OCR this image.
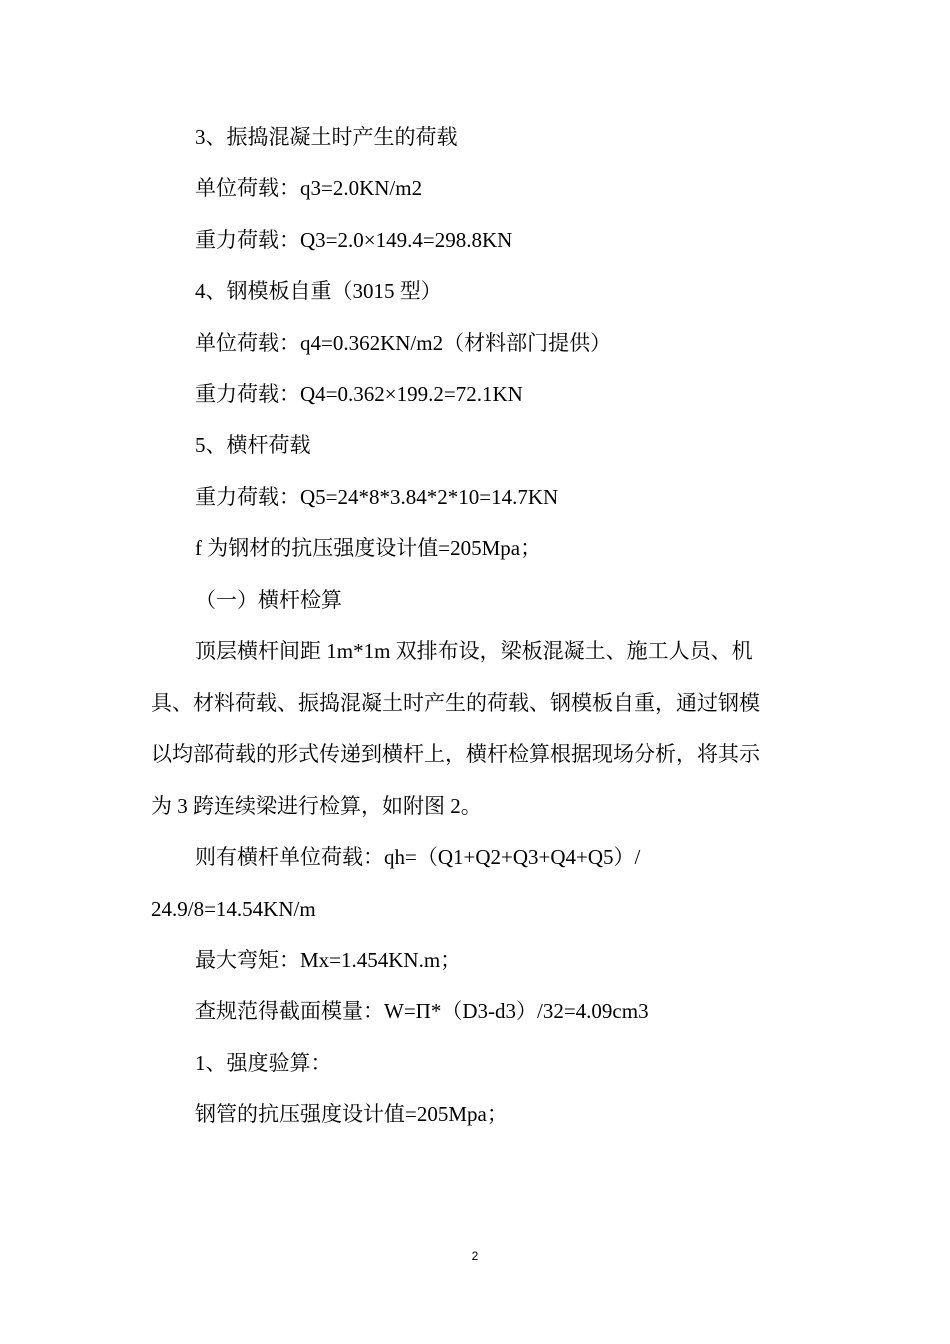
3、振捣混凝土时产生的荷载
单位荷载：q3=2.0KN/m2
重力荷载：Q3=2.0×149.4=298.8KN
4、钢模板自重（3015 型）
单位荷载：q4=0.362KN/m2（材料部门提供）
重力荷载：Q4=0.362×199.2=72.1KN
5、横杆荷载
重力荷载：Q5=24*8*3.84*2*10=14.7KN
f 为钢材的抗压强度设计值=205Mpa；
（一）横杆检算
顶层横杆间距 1m*1m 双排布设，梁板混凝土、施工人员、机
具、材料荷载、振捣混凝土时产生的荷载、钢模板自重，通过钢模
以均部荷载的形式传递到横杆上，横杆检算根据现场分析，将其示
为 3 跨连续梁进行检算，如附图 2。
则有横杆单位荷载：qh=（Q1+Q2+Q3+Q4+Q5）/
24.9/8=14.54KN/m
最大弯矩：Mx=1.454KN.m；
查规范得截面模量：W=Π*（D3-d3）/32=4.09cm3
1、强度验算：
钢管的抗压强度设计值=205Mpa；
2
